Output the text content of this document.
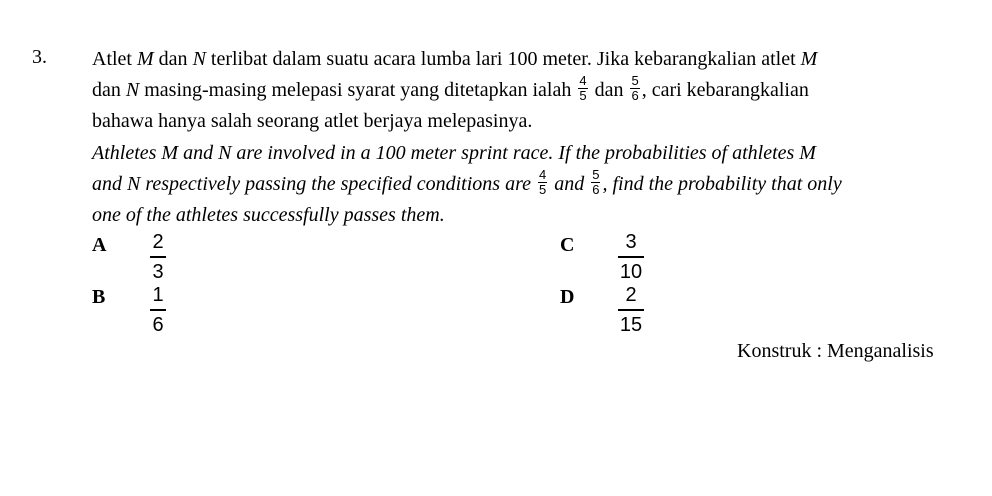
3. Atlet M dan N terlibat dalam suatu acara lumba lari 100 meter. Jika kebarangkalian atlet M
dan N masing-masing melepasi syarat yang ditetapkan ialah $\frac{4}{5}$ dan $\frac{5}{6}$ , cari kebarangkalian
bahawa hanya salah seorang atlet berjaya melepasinya.
Athletes M and N are involved in a 100 meter sprint race. If the probabilities of athletes M
and N respectively passing the specified conditions are $\frac{4}{5}$ and $\frac{5}{6}$ , find the probability that only
one of the athletes successfully passes them.
A 2
3
B 1
6
C	3
10
D	2
15
Konstruk : Menganalisis
